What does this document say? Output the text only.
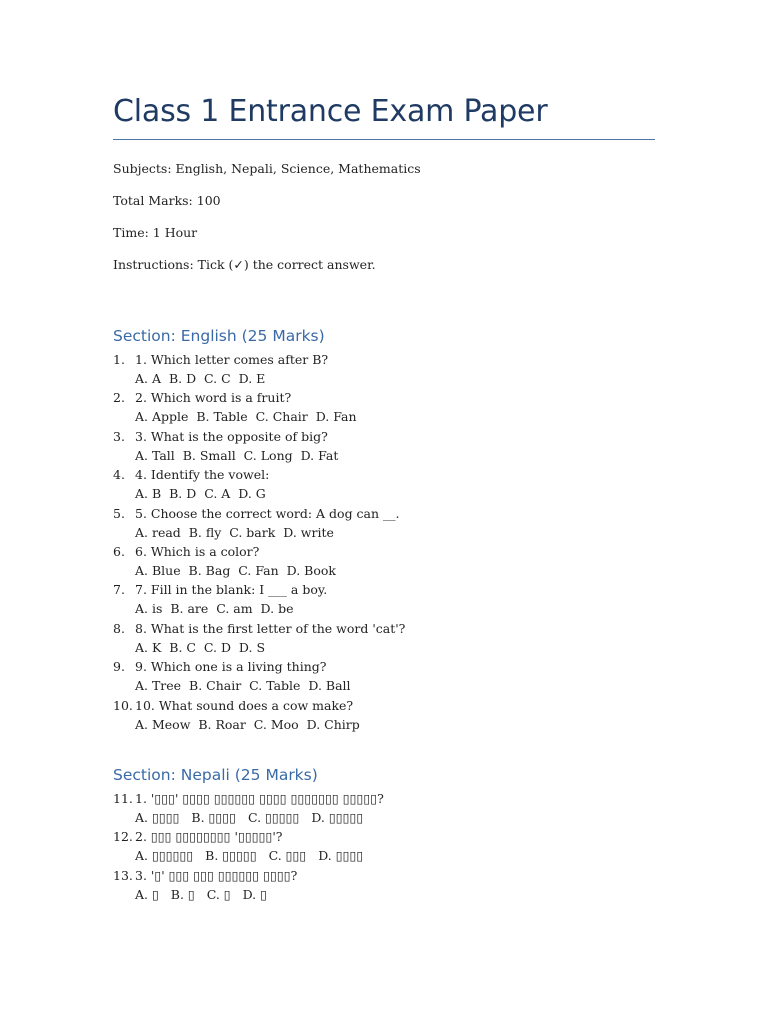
Class 1 Entrance Exam Paper
Subjects: English, Nepali, Science, Mathematics
Total Marks: 100
Time: 1 Hour
Instructions: Tick (✓) the correct answer.
Section: English (25 Marks)
1. 1. Which letter comes after B?
A. A  B. D  C. C  D. E
2. 2. Which word is a fruit?
A. Apple  B. Table  C. Chair  D. Fan
3. 3. What is the opposite of big?
A. Tall  B. Small  C. Long  D. Fat
4. 4. Identify the vowel:
A. B  B. D  C. A  D. G
5. 5. Choose the correct word: A dog can __.
A. read  B. fly  C. bark  D. write
6. 6. Which is a color?
A. Blue  B. Bag  C. Fan  D. Book
7. 7. Fill in the blank: I ___ a boy.
A. is  B. are  C. am  D. be
8. 8. What is the first letter of the word 'cat'?
A. K  B. C  C. D  D. S
9. 9. Which one is a living thing?
A. Tree  B. Chair  C. Table  D. Ball
10. 10. What sound does a cow make?
A. Meow  B. Roar  C. Moo  D. Chirp
Section: Nepali (25 Marks)
11. 1. '▯▯▯' ▯▯▯▯ ▯▯▯▯▯▯ ▯▯▯▯ ▯▯▯▯▯▯▯ ▯▯▯▯▯?
A. ▯▯▯▯   B. ▯▯▯▯   C. ▯▯▯▯▯   D. ▯▯▯▯▯
12. 2. ▯▯▯ ▯▯▯▯▯▯▯▯ '▯▯▯▯▯'?
A. ▯▯▯▯▯▯   B. ▯▯▯▯▯   C. ▯▯▯   D. ▯▯▯▯
13. 3. '▯' ▯▯▯ ▯▯▯ ▯▯▯▯▯▯ ▯▯▯▯?
A. ▯   B. ▯   C. ▯   D. ▯
